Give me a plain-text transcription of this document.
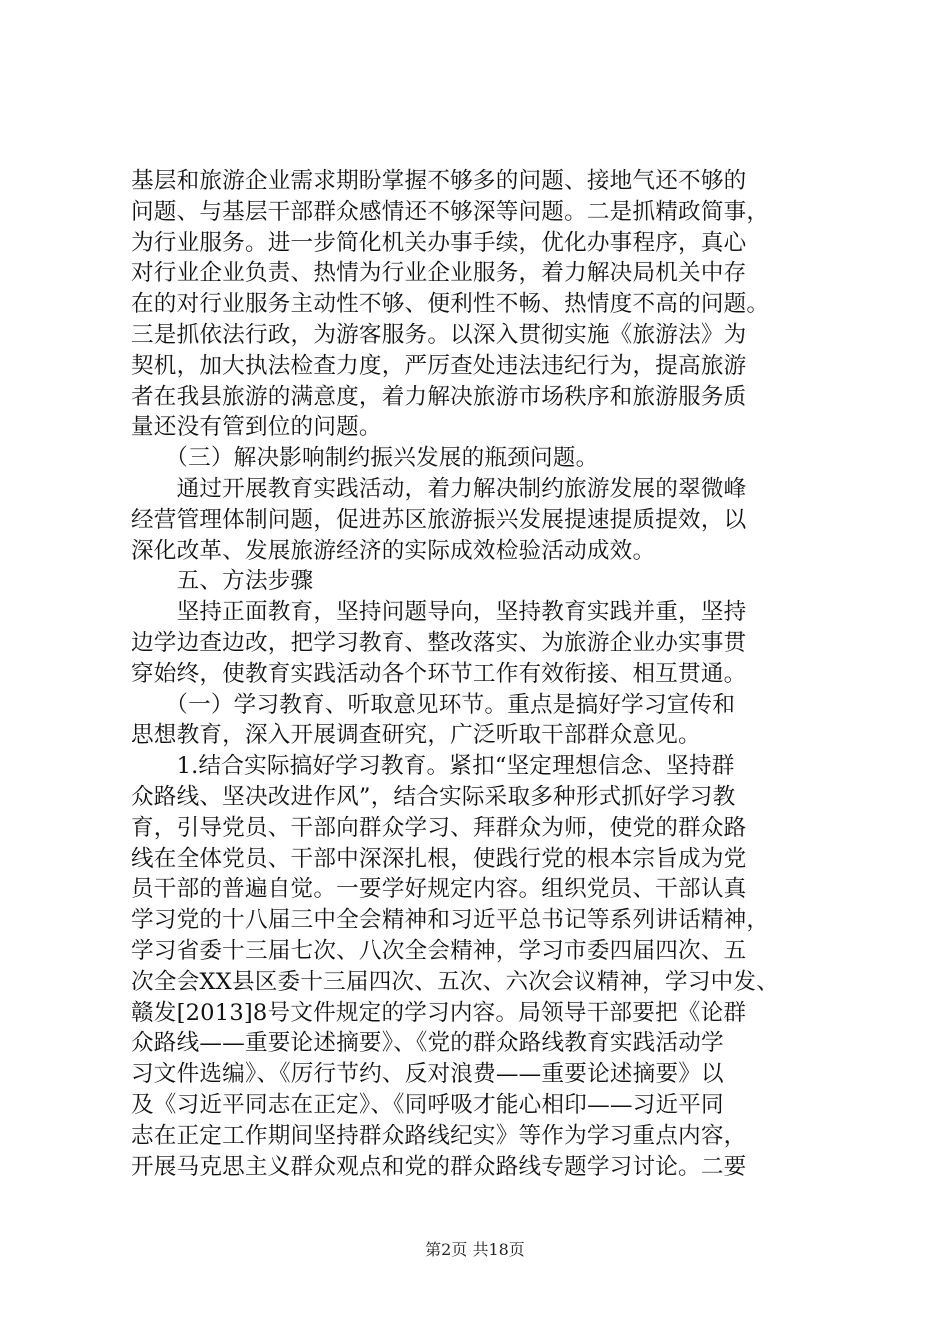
基层和旅游企业需求期盼掌握不够多的问题、接地气还不够的
问题、与基层干部群众感情还不够深等问题。二是抓精政简事，
为行业服务。进一步简化机关办事手续，优化办事程序，真心
对行业企业负责、热情为行业企业服务，着力解决局机关中存
在的对行业服务主动性不够、便利性不畅、热情度不高的问题。
三是抓依法行政，为游客服务。以深入贯彻实施《旅游法》为
契机，加大执法检查力度，严厉查处违法违纪行为，提高旅游
者在我县旅游的满意度，着力解决旅游市场秩序和旅游服务质
量还没有管到位的问题。
　　（三）解决影响制约振兴发展的瓶颈问题。
　　通过开展教育实践活动，着力解决制约旅游发展的翠微峰
经营管理体制问题，促进苏区旅游振兴发展提速提质提效，以
深化改革、发展旅游经济的实际成效检验活动成效。
　　五、方法步骤
　　坚持正面教育，坚持问题导向，坚持教育实践并重，坚持
边学边查边改，把学习教育、整改落实、为旅游企业办实事贯
穿始终，使教育实践活动各个环节工作有效衔接、相互贯通。
　　（一）学习教育、听取意见环节。重点是搞好学习宣传和
思想教育，深入开展调查研究，广泛听取干部群众意见。
　　1.结合实际搞好学习教育。紧扣“坚定理想信念、坚持群
众路线、坚决改进作风”，结合实际采取多种形式抓好学习教
育，引导党员、干部向群众学习、拜群众为师，使党的群众路
线在全体党员、干部中深深扎根，使践行党的根本宗旨成为党
员干部的普遍自觉。一要学好规定内容。组织党员、干部认真
学习党的十八届三中全会精神和习近平总书记等系列讲话精神，
学习省委十三届七次、八次全会精神，学习市委四届四次、五
次全会XX县区委十三届四次、五次、六次会议精神，学习中发、
赣发[2013]8号文件规定的学习内容。局领导干部要把《论群
众路线——重要论述摘要》、《党的群众路线教育实践活动学
习文件选编》、《厉行节约、反对浪费——重要论述摘要》以
及《习近平同志在正定》、《同呼吸才能心相印——习近平同
志在正定工作期间坚持群众路线纪实》等作为学习重点内容，
开展马克思主义群众观点和党的群众路线专题学习讨论。二要
第2页 共18页
